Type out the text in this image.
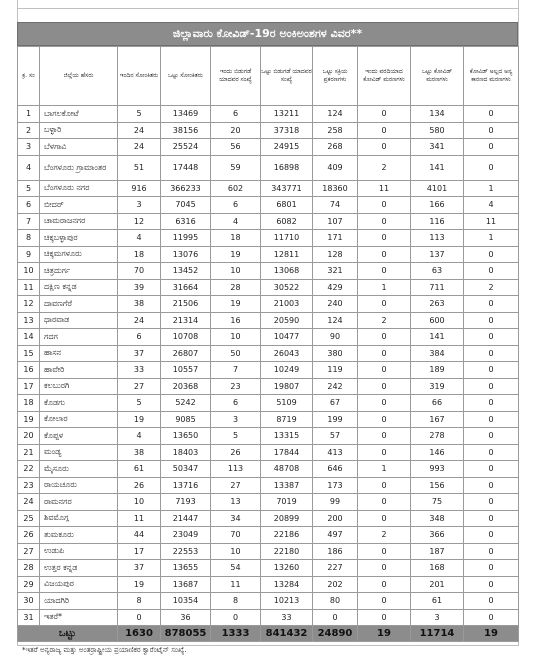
ಜಿಲ್ಲಾವಾರು ಕೋವಿಡ್-19ರ ಅಂಕಿಅಂಶಗಳ ವಿವರ**
ಕ್ರ. ಸಂ	ಜಿಲ್ಲೆಯ ಹೆಸರು	ಇಂದಿನ ಸೋಂಕಿತರು	ಒಟ್ಟು ಸೋಂಕಿತರು	ಇಂದು ಬಿಡುಗಡೆ ಯಾದವರ ಸಂಖ್ಯೆ	ಒಟ್ಟು ಬಿಡುಗಡೆ ಯಾದವರ ಸಂಖ್ಯೆ	ಒಟ್ಟು ಸಕ್ರಿಯ ಪ್ರಕರಣಗಳು	ಇಂದು ವರದಿಯಾದ ಕೋವಿಡ್ ಮರಣಗಳು	ಒಟ್ಟು ಕೋವಿಡ್ ಮರಣಗಳು	ಕೋವಿಡ್ ಅಲ್ಲದ ಅನ್ಯ ಕಾರಣದ ಮರಣಗಳು
1	ಬಾಗಲಕೋಟೆ	5	13469	6	13211	124	0	134	0
2	ಬಳ್ಳಾರಿ	24	38156	20	37318	258	0	580	0
3	ಬೆಳಗಾವಿ	24	25524	56	24915	268	0	341	0
4	ಬೆಂಗಳೂರು ಗ್ರಾಮಾಂತರ	51	17448	59	16898	409	2	141	0
5	ಬೆಂಗಳೂರು ನಗರ	916	366233	602	343771	18360	11	4101	1
6	ಬೀದರ್	3	7045	6	6801	74	0	166	4
7	ಚಾಮರಾಜನಗರ	12	6316	4	6082	107	0	116	11
8	ಚಿಕ್ಕಬಳ್ಳಾಪುರ	4	11995	18	11710	171	0	113	1
9	ಚಿಕ್ಕಮಗಳೂರು	18	13076	19	12811	128	0	137	0
10	ಚಿತ್ರದುರ್ಗ	70	13452	10	13068	321	0	63	0
11	ದಕ್ಷಿಣ ಕನ್ನಡ	39	31664	28	30522	429	1	711	2
12	ದಾವಣಗೆರೆ	38	21506	19	21003	240	0	263	0
13	ಧಾರವಾಡ	24	21314	16	20590	124	2	600	0
14	ಗದಗ	6	10708	10	10477	90	0	141	0
15	ಹಾಸನ	37	26807	50	26043	380	0	384	0
16	ಹಾವೇರಿ	33	10557	7	10249	119	0	189	0
17	ಕಲಬುರಗಿ	27	20368	23	19807	242	0	319	0
18	ಕೊಡಗು	5	5242	6	5109	67	0	66	0
19	ಕೋಲಾರ	19	9085	3	8719	199	0	167	0
20	ಕೊಪ್ಪಳ	4	13650	5	13315	57	0	278	0
21	ಮಂಡ್ಯ	38	18403	26	17844	413	0	146	0
22	ಮೈಸೂರು	61	50347	113	48708	646	1	993	0
23	ರಾಯಚೂರು	26	13716	27	13387	173	0	156	0
24	ರಾಮನಗರ	10	7193	13	7019	99	0	75	0
25	ಶಿವಮೊಗ್ಗ	11	21447	34	20899	200	0	348	0
26	ತುಮಕೂರು	44	23049	70	22186	497	2	366	0
27	ಉಡುಪಿ	17	22553	10	22180	186	0	187	0
28	ಉತ್ತರ ಕನ್ನಡ	37	13655	54	13260	227	0	168	0
29	ವಿಜಯಪುರ	19	13687	11	13284	202	0	201	0
30	ಯಾದಗಿರಿ	8	10354	8	10213	80	0	61	0
31	ಇತರೆ*	0	36	0	33	0	0	3	0
ಒಟ್ಟು		1630	878055	1333	841432	24890	19	11714	19
*ಇತರೆ ಅನ್ಯರಾಜ್ಯ ಮತ್ತು ಅಂತರ್ರಾಷ್ಟ್ರೀಯ ಪ್ರಯಾಣಿಕರ ಕ್ವಾರೆಂಟೈನ್ ಸಂಖ್ಯೆ.
